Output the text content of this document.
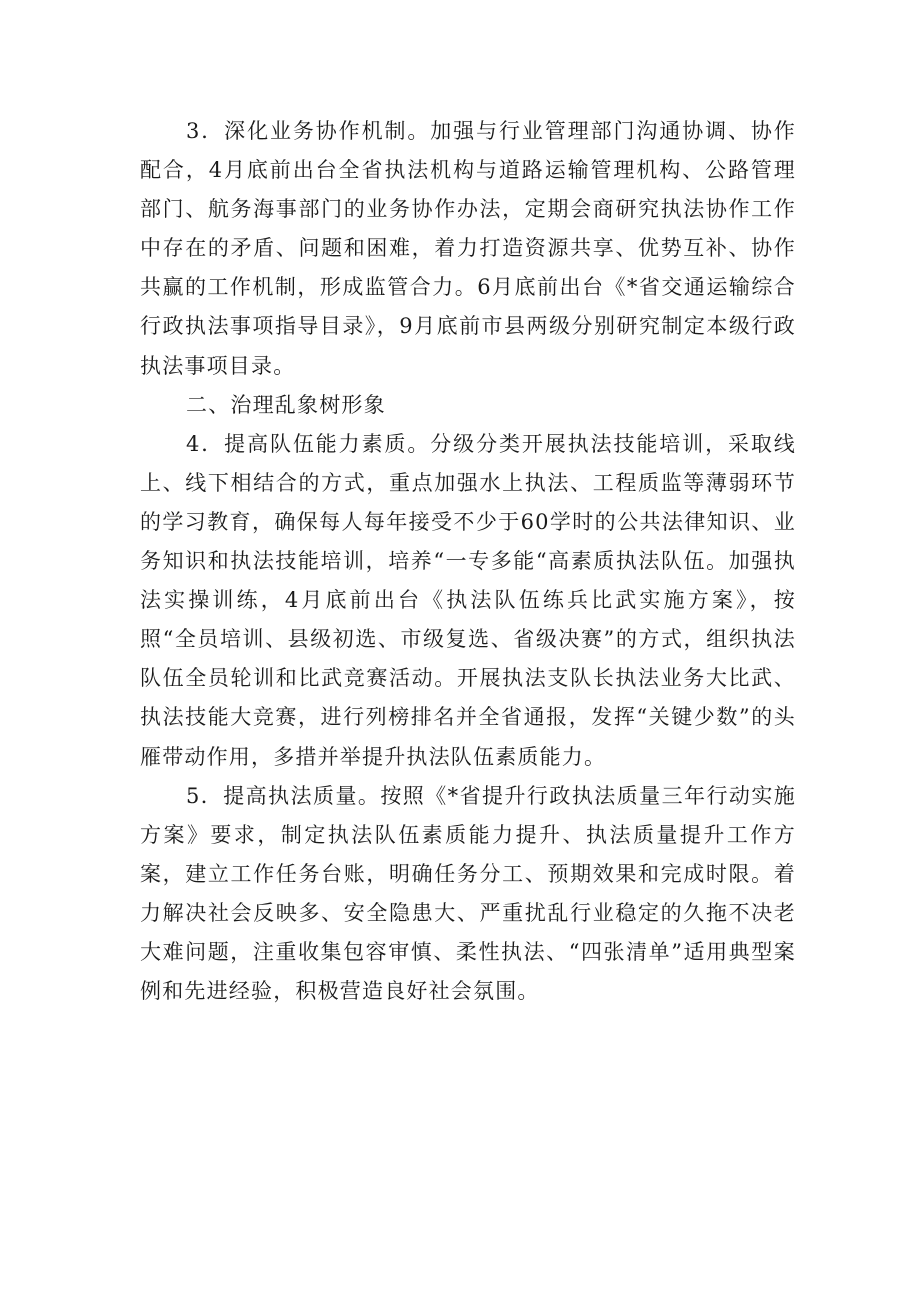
3．深化业务协作机制。加强与行业管理部门沟通协调、协作配合，4月底前出台全省执法机构与道路运输管理机构、公路管理部门、航务海事部门的业务协作办法，定期会商研究执法协作工作中存在的矛盾、问题和困难，着力打造资源共享、优势互补、协作共赢的工作机制，形成监管合力。6月底前出台《*省交通运输综合行政执法事项指导目录》，9月底前市县两级分别研究制定本级行政执法事项目录。

二、治理乱象树形象

4．提高队伍能力素质。分级分类开展执法技能培训，采取线上、线下相结合的方式，重点加强水上执法、工程质监等薄弱环节的学习教育，确保每人每年接受不少于60学时的公共法律知识、业务知识和执法技能培训，培养“一专多能“高素质执法队伍。加强执法实操训练，4月底前出台《执法队伍练兵比武实施方案》，按照“全员培训、县级初选、市级复选、省级决赛”的方式，组织执法队伍全员轮训和比武竞赛活动。开展执法支队长执法业务大比武、执法技能大竞赛，进行列榜排名并全省通报，发挥“关键少数”的头雁带动作用，多措并举提升执法队伍素质能力。

5．提高执法质量。按照《*省提升行政执法质量三年行动实施方案》要求，制定执法队伍素质能力提升、执法质量提升工作方案，建立工作任务台账，明确任务分工、预期效果和完成时限。着力解决社会反映多、安全隐患大、严重扰乱行业稳定的久拖不决老大难问题，注重收集包容审慎、柔性执法、“四张清单”适用典型案例和先进经验，积极营造良好社会氛围。
